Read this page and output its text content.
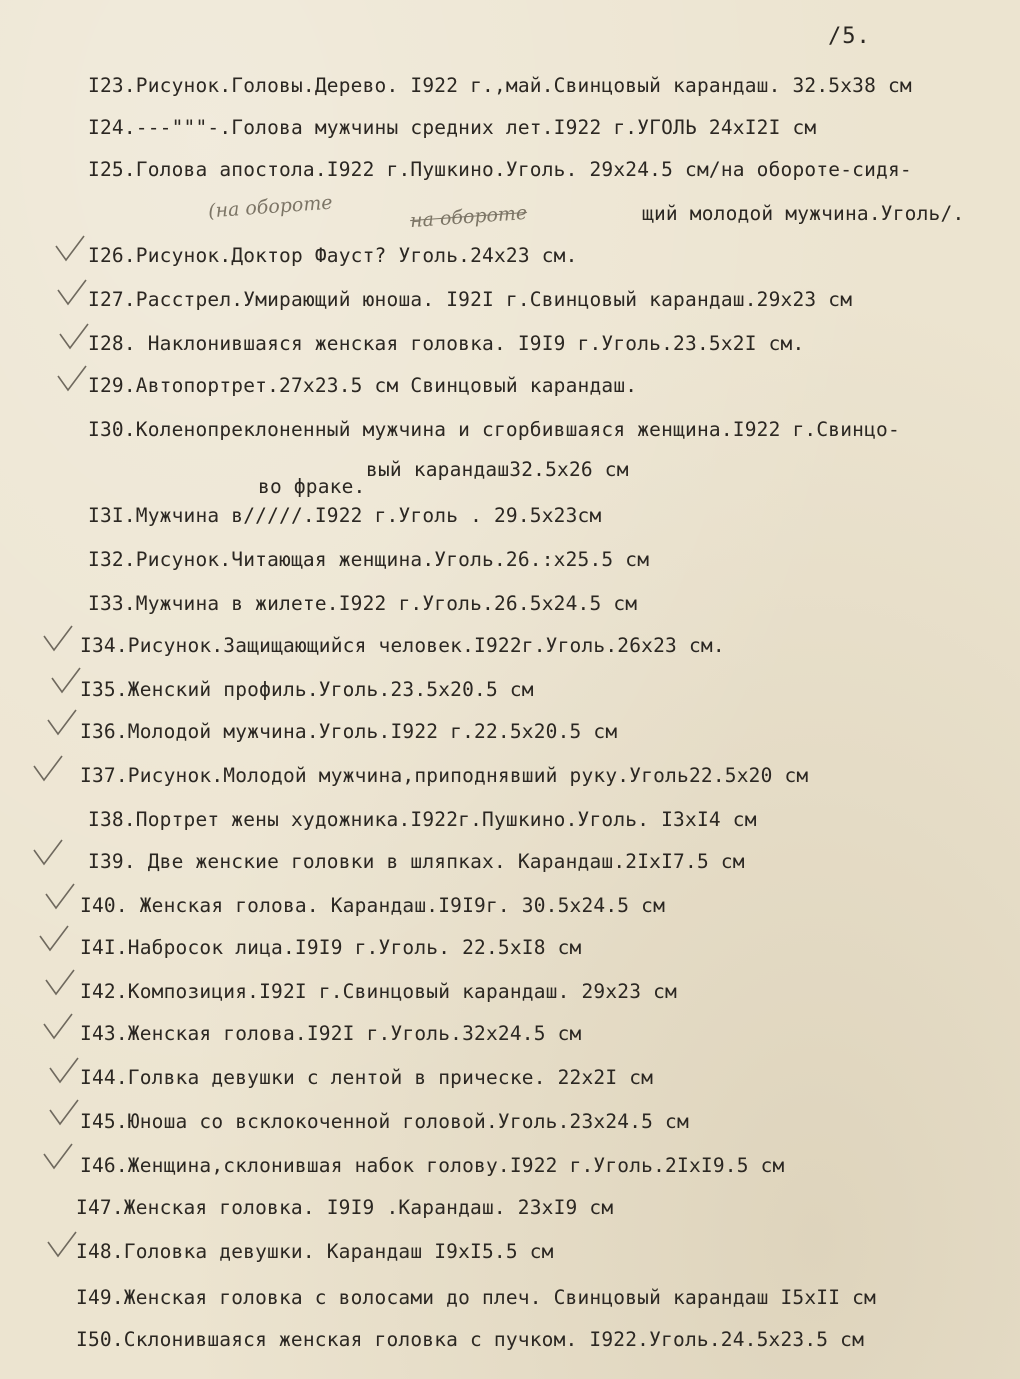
/5.
(на обороте	на обороте
во фраке.
I23.Рисунок.Головы.Дерево. I922 г.,май.Свинцовый карандаш. 32.5х38 см
I24.---"""-.Голова мужчины средних лет.I922 г.УГОЛЬ 24хI2I см
I25.Голова апостола.I922 г.Пушкино.Уголь. 29х24.5 см/на обороте-сидя-
щий молодой мужчина.Уголь/.
I26.Рисунок.Доктор Фауст? Уголь.24х23 см.
I27.Расстрел.Умирающий юноша. I92I г.Свинцовый карандаш.29х23 см
I28. Наклонившаяся женская головка. I9I9 г.Уголь.23.5х2I см.
I29.Автопортрет.27х23.5 см Свинцовый карандаш.
I30.Коленопреклоненный мужчина и сгорбившаяся женщина.I922 г.Свинцо-
вый карандаш32.5х26 см
I3I.Мужчина в/////.I922 г.Уголь . 29.5х23см
I32.Рисунок.Читающая женщина.Уголь.26.:х25.5 см
I33.Мужчина в жилете.I922 г.Уголь.26.5х24.5 см
I34.Рисунок.Защищающийся человек.I922г.Уголь.26х23 см.
I35.Женский профиль.Уголь.23.5х20.5 см
I36.Молодой мужчина.Уголь.I922 г.22.5х20.5 см
I37.Рисунок.Молодой мужчина,приподнявший руку.Уголь22.5х20 см
I38.Портрет жены художника.I922г.Пушкино.Уголь. I3хI4 см
I39. Две женские головки в шляпках. Карандаш.2IхI7.5 см
I40. Женская голова. Карандаш.I9I9г. 30.5х24.5 см
I4I.Набросок лица.I9I9 г.Уголь. 22.5хI8 см
I42.Композиция.I92I г.Свинцовый карандаш. 29х23 см
I43.Женская голова.I92I г.Уголь.32х24.5 см
I44.Голвка девушки с лентой в прическе. 22х2I см
I45.Юноша со всклокоченной головой.Уголь.23х24.5 см
I46.Женщина,склонившая набок голову.I922 г.Уголь.2IхI9.5 см
I47.Женская головка. I9I9 .Карандаш. 23хI9 см
I48.Головка девушки. Карандаш I9хI5.5 см
I49.Женская головка с волосами до плеч. Свинцовый карандаш I5хII см
I50.Склонившаяся женская головка с пучком. I922.Уголь.24.5х23.5 см
